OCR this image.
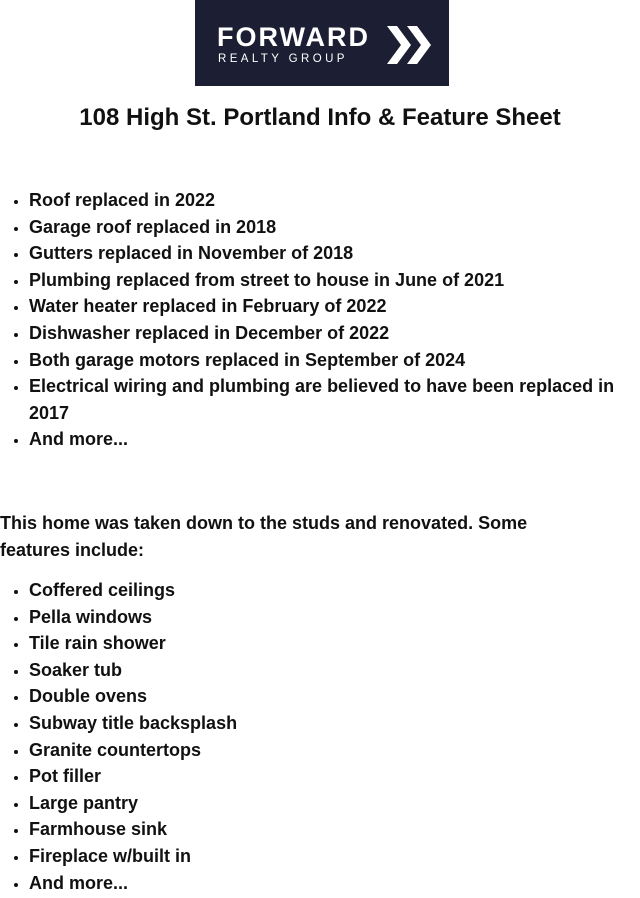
FORWARD
REALTY GROUP
108 High St. Portland Info & Feature Sheet
• Roof replaced in 2022
• Garage roof replaced in 2018
• Gutters replaced in November of 2018
• Plumbing replaced from street to house in June of 2021
• Water heater replaced in February of 2022
• Dishwasher replaced in December of 2022
• Both garage motors replaced in September of 2024
• Electrical wiring and plumbing are believed to have been replaced in 2017
• And more...

This home was taken down to the studs and renovated. Some features include:

• Coffered ceilings
• Pella windows
• Tile rain shower
• Soaker tub
• Double ovens
• Subway title backsplash
• Granite countertops
• Pot filler
• Large pantry
• Farmhouse sink
• Fireplace w/built in
• And more...
